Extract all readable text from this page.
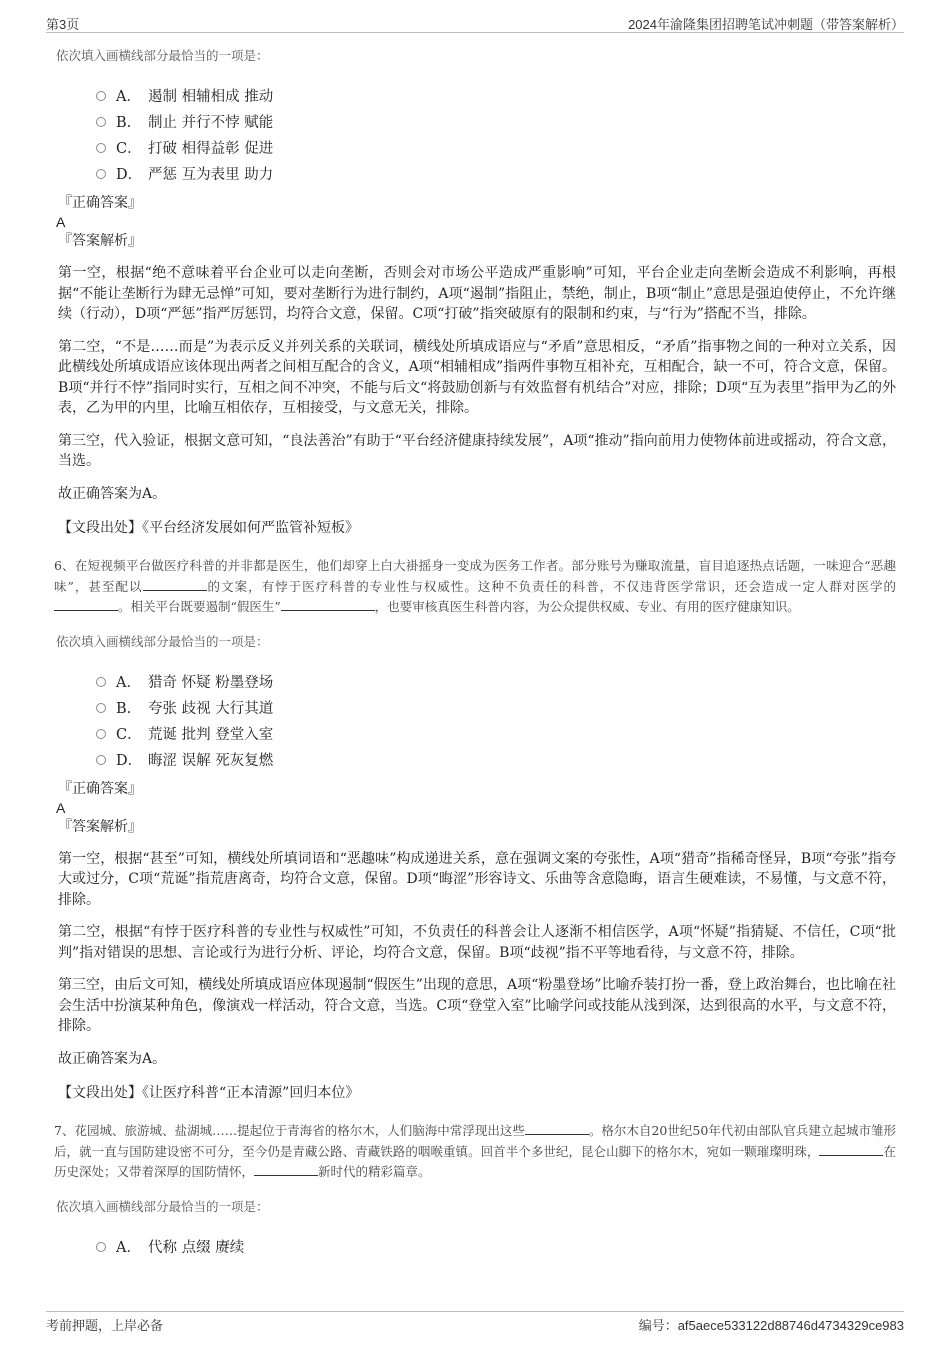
第3页	2024年渝隆集团招聘笔试冲刺题（带答案解析）
依次填入画横线部分最恰当的一项是：
A． 遏制 相辅相成 推动
B. 制止 并行不悖 赋能
C． 打破 相得益彰 促进
D． 严惩 互为表里 助力
『正确答案』
A
『答案解析』
第一空，根据“绝不意味着平台企业可以走向垄断，否则会对市场公平造成严重影响”可知，平台企业走向垄断会造成不利影响，再根据“不能让垄断行为肆无忌惮”可知，要对垄断行为进行制约，A项“遏制”指阻止，禁绝，制止，B项“制止”意思是强迫使停止，不允许继续（行动），D项“严惩”指严厉惩罚，均符合文意，保留。C项“打破”指突破原有的限制和约束，与“行为”搭配不当，排除。
第二空，“不是……而是”为表示反义并列关系的关联词，横线处所填成语应与“矛盾”意思相反，“矛盾”指事物之间的一种对立关系，因此横线处所填成语应该体现出两者之间相互配合的含义，A项“相辅相成”指两件事物互相补充，互相配合，缺一不可，符合文意，保留。B项“并行不悖”指同时实行，互相之间不冲突，不能与后文“将鼓励创新与有效监督有机结合”对应，排除；D项“互为表里”指甲为乙的外表，乙为甲的内里，比喻互相依存，互相接受，与文意无关，排除。
第三空，代入验证，根据文意可知，“良法善治”有助于“平台经济健康持续发展”，A项“推动”指向前用力使物体前进或摇动，符合文意，当选。
故正确答案为A。
【文段出处】《平台经济发展如何严监管补短板》
6、在短视频平台做医疗科普的并非都是医生，他们却穿上白大褂摇身一变成为医务工作者。部分账号为赚取流量，盲目追逐热点话题，一味迎合“恶趣味”，甚至配以	的文案，有悖于医疗科普的专业性与权威性。这种不负责任的科普，不仅违背医学常识，还会造成一定人群对医学的。相关平台既要遏制“假医生”	，也要审核真医生科普内容，为公众提供权威、专业、有用的医疗健康知识。
依次填入画横线部分最恰当的一项是：
A． 猎奇 怀疑 粉墨登场
B. 夸张 歧视 大行其道
C． 荒诞 批判 登堂入室
D． 晦涩 误解 死灰复燃
『正确答案』
A
『答案解析』
第一空，根据“甚至”可知，横线处所填词语和“恶趣味”构成递进关系，意在强调文案的夸张性，A项“猎奇”指稀奇怪异，B项“夸张”指夸大或过分，C项“荒诞”指荒唐离奇，均符合文意，保留。D项“晦涩”形容诗文、乐曲等含意隐晦，语言生硬难读，不易懂，与文意不符，排除。
第二空，根据“有悖于医疗科普的专业性与权威性”可知，不负责任的科普会让人逐渐不相信医学，A项“怀疑”指猜疑、不信任，C项“批判”指对错误的思想、言论或行为进行分析、评论，均符合文意，保留。B项“歧视”指不平等地看待，与文意不符，排除。
第三空，由后文可知，横线处所填成语应体现遏制“假医生”出现的意思，A项“粉墨登场”比喻乔装打扮一番，登上政治舞台，也比喻在社会生活中扮演某种角色，像演戏一样活动，符合文意，当选。C项“登堂入室”比喻学问或技能从浅到深，达到很高的水平，与文意不符，排除。
故正确答案为A。
【文段出处】《让医疗科普“正本清源”回归本位》
7、花园城、旅游城、盐湖城……提起位于青海省的格尔木，人们脑海中常浮现出这些	。格尔木自20世纪50年代初由部队官兵建立起城市雏形后，就一直与国防建设密不可分，至今仍是青藏公路、青藏铁路的咽喉重镇。回首半个多世纪，昆仑山脚下的格尔木，宛如一颗璀璨明珠，	在历史深处；又带着深厚的国防情怀，	新时代的精彩篇章。
依次填入画横线部分最恰当的一项是：
A． 代称 点缀 赓续
考前押题，上岸必备	编号：af5aece533122d88746d4734329ce983
